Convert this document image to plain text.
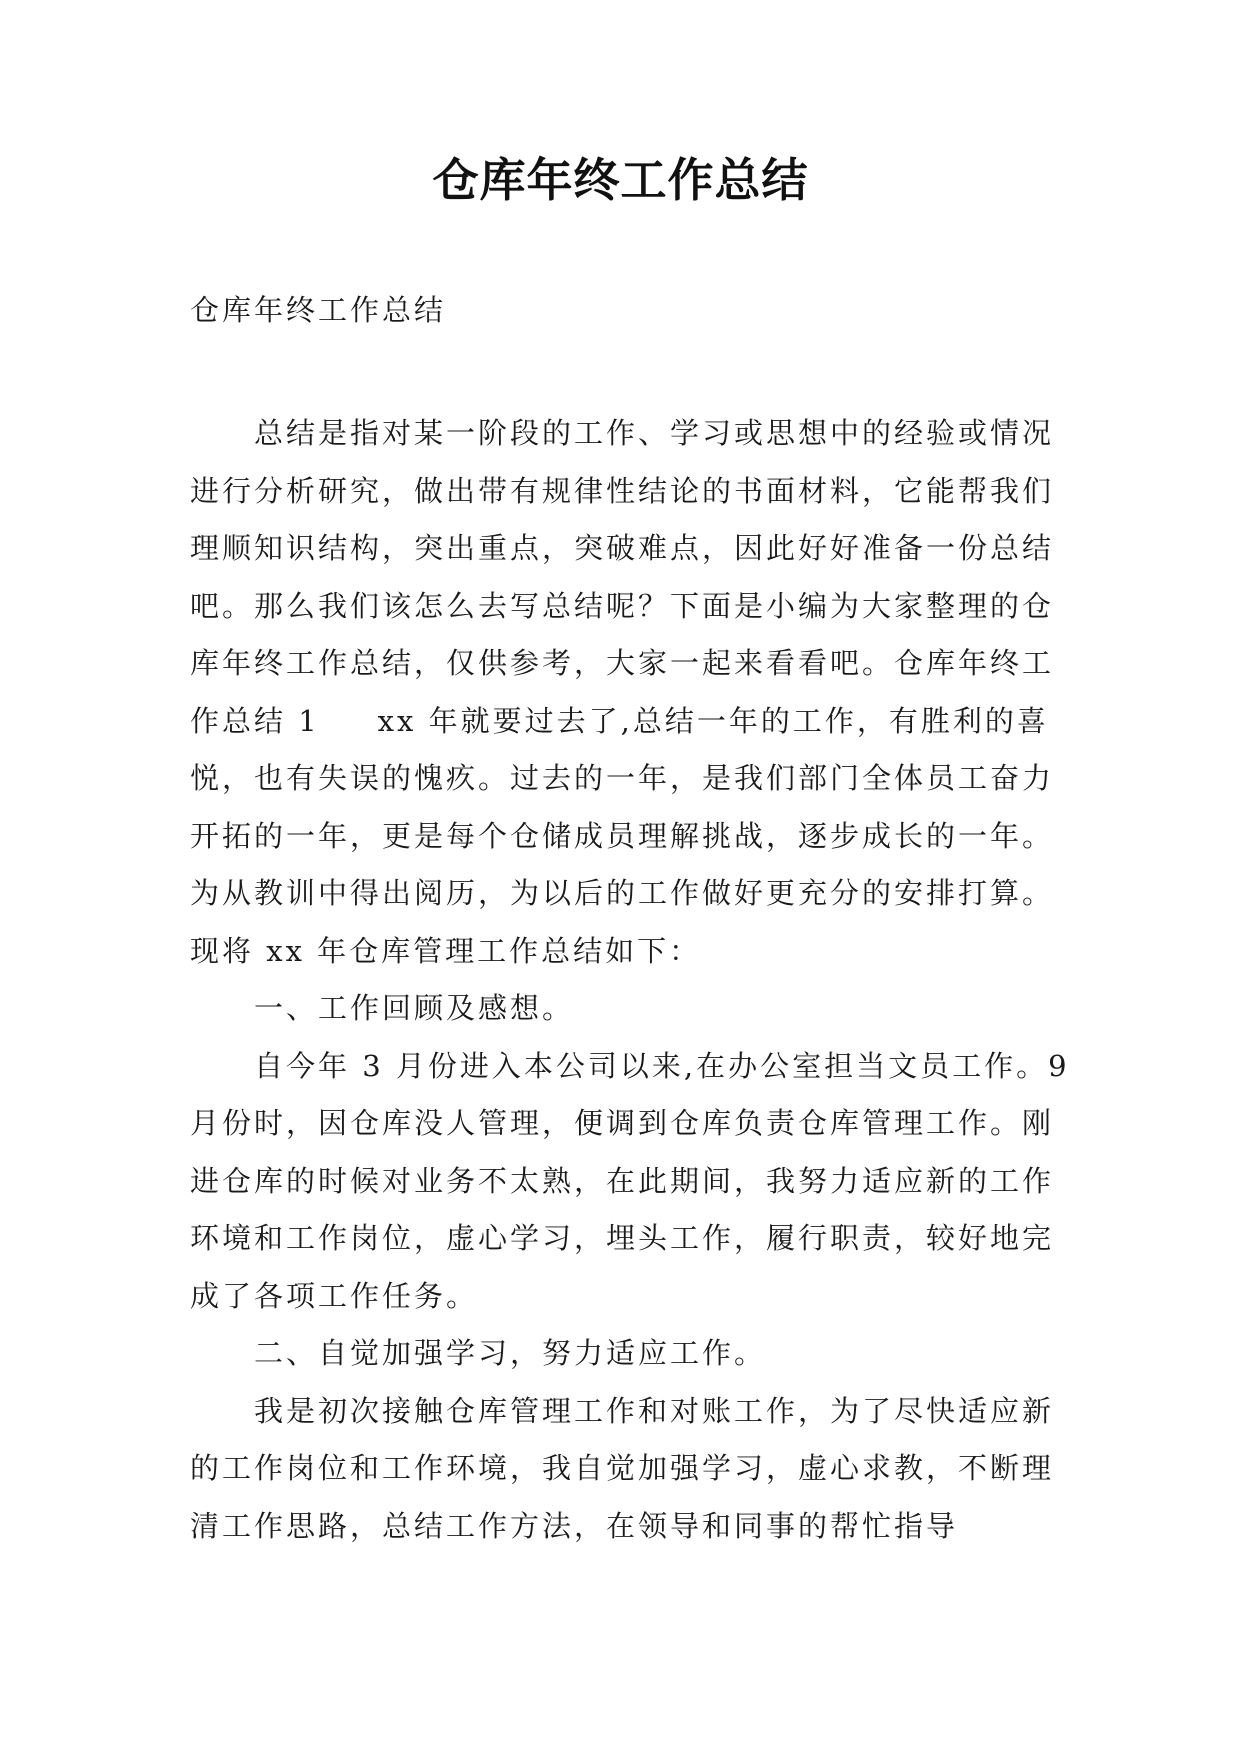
仓库年终工作总结
仓库年终工作总结

总结是指对某一阶段的工作、学习或思想中的经验或情况进行分析研究，做出带有规律性结论的书面材料，它能帮我们理顺知识结构，突出重点，突破难点，因此好好准备一份总结吧。那么我们该怎么去写总结呢？下面是小编为大家整理的仓库年终工作总结，仅供参考，大家一起来看看吧。仓库年终工作总结 1 xx 年就要过去了,总结一年的工作，有胜利的喜悦，也有失误的愧疚。过去的一年，是我们部门全体员工奋力开拓的一年，更是每个仓储成员理解挑战，逐步成长的一年。为从教训中得出阅历，为以后的工作做好更充分的安排打算。现将 xx 年仓库管理工作总结如下：

一、工作回顾及感想。

自今年 3 月份进入本公司以来,在办公室担当文员工作。9 月份时，因仓库没人管理，便调到仓库负责仓库管理工作。刚进仓库的时候对业务不太熟，在此期间，我努力适应新的工作环境和工作岗位，虚心学习，埋头工作，履行职责，较好地完成了各项工作任务。

二、自觉加强学习，努力适应工作。

我是初次接触仓库管理工作和对账工作，为了尽快适应新的工作岗位和工作环境，我自觉加强学习，虚心求教，不断理清工作思路，总结工作方法，在领导和同事的帮忙指导
